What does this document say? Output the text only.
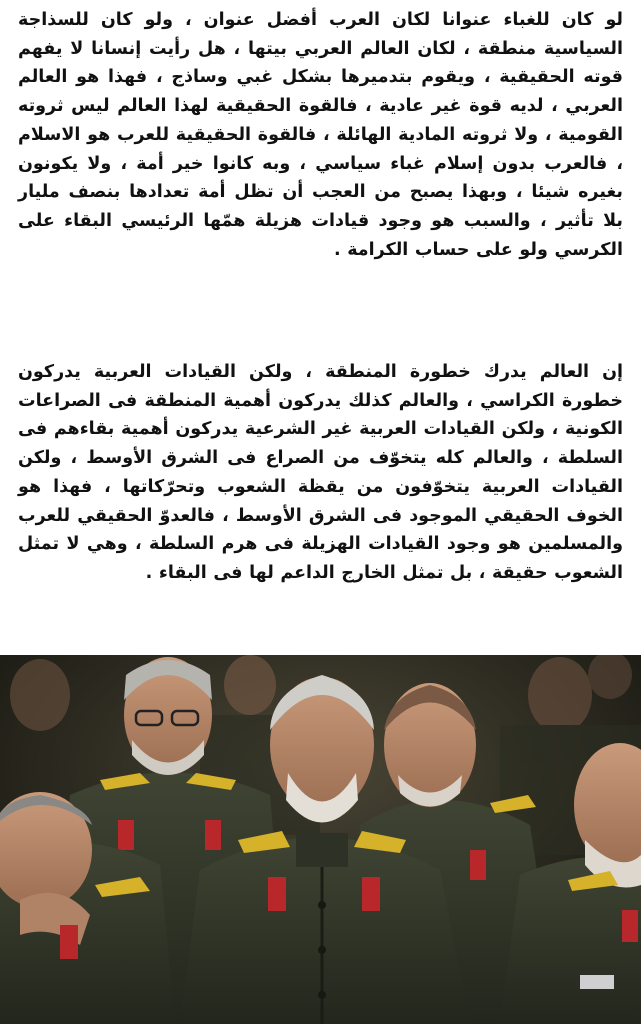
لو كان للغباء عنوانا لكان العرب أفضل عنوان ، ولو كان للسذاجة السياسية منطقة ، لكان العالم العربي بيتها ، هل رأيت إنسانا لا يفهم قوته الحقيقية ، ويقوم بتدميرها بشكل غبي وساذج ، فهذا هو العالم العربي ، لديه قوة غير عادية ، فالقوة الحقيقية لهذا العالم ليس ثروته القومية ، ولا ثروته المادية الهائلة ، فالقوة الحقيقية للعرب هو الاسلام ، فالعرب بدون إسلام غباء سياسي ، وبه كانوا خير أمة ، ولا يكونون بغيره شيئا ، وبهذا يصبح من العجب أن تظل أمة تعدادها بنصف مليار بلا تأثير ، والسبب هو وجود قيادات هزيلة همّها الرئيسي البقاء على الكرسي ولو على حساب الكرامة .
إن العالم يدرك خطورة المنطقة ، ولكن القيادات العربية يدركون خطورة الكراسي ، والعالم كذلك يدركون أهمية المنطقة فى الصراعات الكونية ، ولكن القيادات العربية غير الشرعية يدركون أهمية بقاءهم فى السلطة ، والعالم كله يتخوّف من الصراع فى الشرق الأوسط ، ولكن القيادات العربية يتخوّفون من يقظة الشعوب وتحرّكاتها ، فهذا هو الخوف الحقيقي الموجود فى الشرق الأوسط ، فالعدوّ الحقيقي للعرب والمسلمين هو وجود القيادات الهزيلة فى هرم السلطة ، وهي لا تمثل الشعوب حقيقة ، بل تمثل الخارج الداعم لها فى البقاء .
